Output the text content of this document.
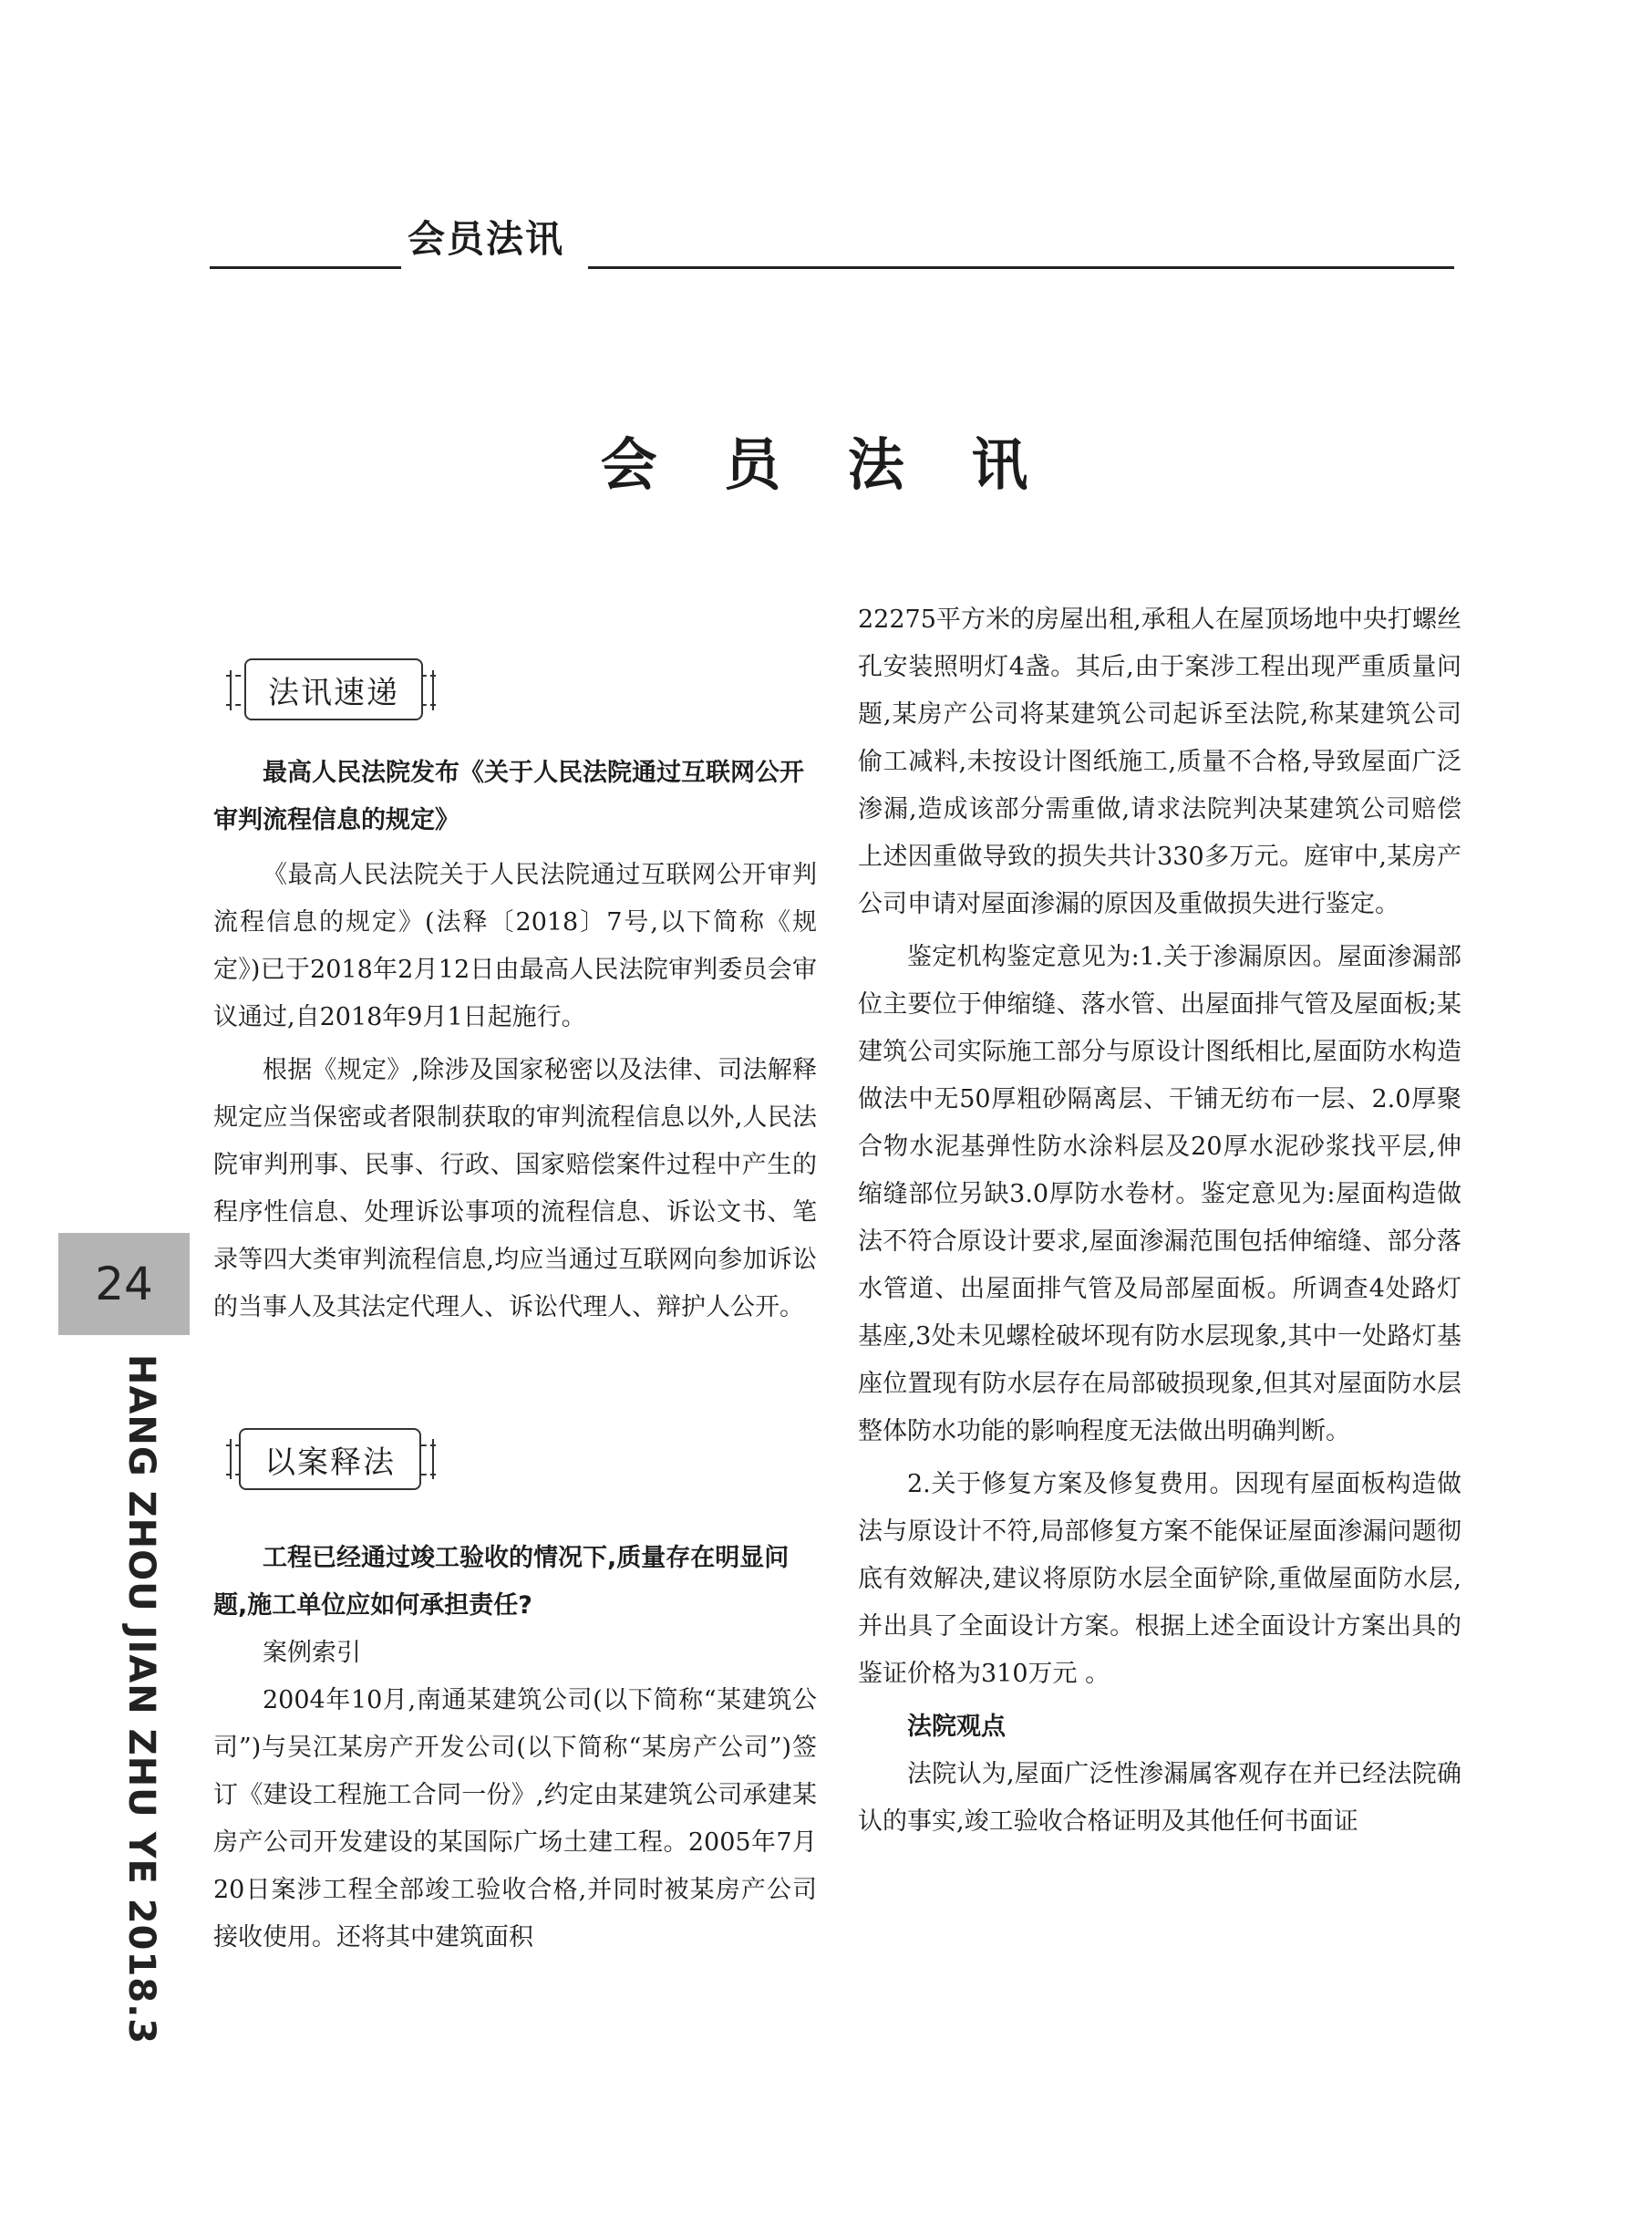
会员法讯
会 员 法 讯
24
HANG ZHOU JIAN ZHU YE 2018.3
法讯速递
以案释法

最高人民法院发布《关于人民法院通过互联网公开审判流程信息的规定》

《最高人民法院关于人民法院通过互联网公开审判流程信息的规定》(法释〔2018〕7号,以下简称《规定》)已于2018年2月12日由最高人民法院审判委员会审议通过,自2018年9月1日起施行。

根据《规定》,除涉及国家秘密以及法律、司法解释规定应当保密或者限制获取的审判流程信息以外,人民法院审判刑事、民事、行政、国家赔偿案件过程中产生的程序性信息、处理诉讼事项的流程信息、诉讼文书、笔录等四大类审判流程信息,均应当通过互联网向参加诉讼的当事人及其法定代理人、诉讼代理人、辩护人公开。

工程已经通过竣工验收的情况下,质量存在明显问题,施工单位应如何承担责任?

案例索引

2004年10月,南通某建筑公司(以下简称“某建筑公司”)与吴江某房产开发公司(以下简称“某房产公司”)签订《建设工程施工合同一份》,约定由某建筑公司承建某房产公司开发建设的某国际广场土建工程。2005年7月20日案涉工程全部竣工验收合格,并同时被某房产公司接收使用。还将其中建筑面积

22275平方米的房屋出租,承租人在屋顶场地中央打螺丝孔安装照明灯4盏。其后,由于案涉工程出现严重质量问题,某房产公司将某建筑公司起诉至法院,称某建筑公司偷工减料,未按设计图纸施工,质量不合格,导致屋面广泛渗漏,造成该部分需重做,请求法院判决某建筑公司赔偿上述因重做导致的损失共计330多万元。庭审中,某房产公司申请对屋面渗漏的原因及重做损失进行鉴定。

鉴定机构鉴定意见为:1.关于渗漏原因。屋面渗漏部位主要位于伸缩缝、落水管、出屋面排气管及屋面板;某建筑公司实际施工部分与原设计图纸相比,屋面防水构造做法中无50厚粗砂隔离层、干铺无纺布一层、2.0厚聚合物水泥基弹性防水涂料层及20厚水泥砂浆找平层,伸缩缝部位另缺3.0厚防水卷材。鉴定意见为:屋面构造做法不符合原设计要求,屋面渗漏范围包括伸缩缝、部分落水管道、出屋面排气管及局部屋面板。所调查4处路灯基座,3处未见螺栓破坏现有防水层现象,其中一处路灯基座位置现有防水层存在局部破损现象,但其对屋面防水层整体防水功能的影响程度无法做出明确判断。

2.关于修复方案及修复费用。因现有屋面板构造做法与原设计不符,局部修复方案不能保证屋面渗漏问题彻底有效解决,建议将原防水层全面铲除,重做屋面防水层,并出具了全面设计方案。根据上述全面设计方案出具的鉴证价格为310万元 。

法院观点

法院认为,屋面广泛性渗漏属客观存在并已经法院确认的事实,竣工验收合格证明及其他任何书面证
